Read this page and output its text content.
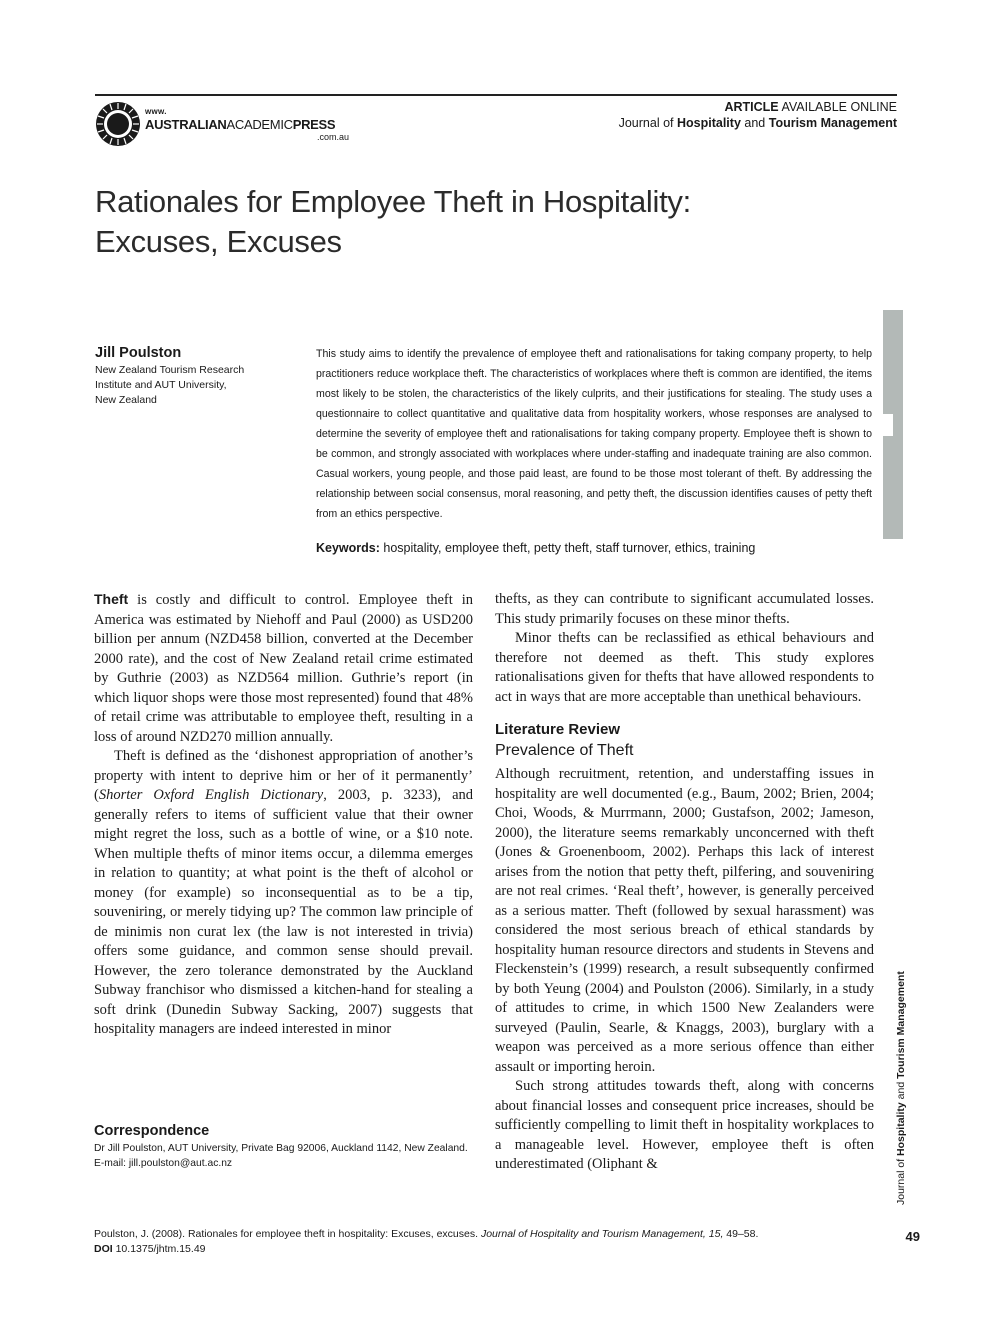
www.
AUSTRALIANACADEMICPRESS
.com.au
ARTICLE AVAILABLE ONLINE
Journal of Hospitality and Tourism Management
Rationales for Employee Theft in Hospitality:
Excuses, Excuses
Jill Poulston
New Zealand Tourism Research
Institute and AUT University,
New Zealand
This study aims to identify the prevalence of employee theft and rationalisations for taking company property, to help practitioners reduce workplace theft. The characteristics of workplaces where theft is common are identified, the items most likely to be stolen, the characteristics of the likely culprits, and their justifications for stealing. The study uses a questionnaire to collect quantitative and qualitative data from hospitality workers, whose responses are analysed to determine the severity of employee theft and rationalisations for taking company property. Employee theft is shown to be common, and strongly associated with workplaces where under-staffing and inadequate training are also common. Casual workers, young people, and those paid least, are found to be those most tolerant of theft. By addressing the relationship between social consensus, moral reasoning, and petty theft, the discussion identifies causes of petty theft from an ethics perspective.
Keywords: hospitality, employee theft, petty theft, staff turnover, ethics, training

Theft is costly and difficult to control. Employee theft in America was estimated by Niehoff and Paul (2000) as USD200 billion per annum (NZD458 billion, converted at the December 2000 rate), and the cost of New Zealand retail crime estimated by Guthrie (2003) as NZD564 million. Guthrie’s report (in which liquor shops were those most represented) found that 48% of retail crime was attributable to employee theft, resulting in a loss of around NZD270 million annually.

Theft is defined as the ‘dishonest appropriation of another’s property with intent to deprive him or her of it permanently’ (Shorter Oxford English Dictionary, 2003, p. 3233), and generally refers to items of sufficient value that their owner might regret the loss, such as a bottle of wine, or a $10 note. When multiple thefts of minor items occur, a dilemma emerges in relation to quantity; at what point is the theft of alcohol or money (for example) so inconsequential as to be a tip, souveniring, or merely tidying up? The common law principle of de minimis non curat lex (the law is not interested in trivia) offers some guidance, and common sense should prevail. However, the zero tolerance demonstrated by the Auckland Subway franchisor who dismissed a kitchen-hand for stealing a soft drink (Dunedin Subway Sacking, 2007) suggests that hospitality managers are indeed interested in minor

thefts, as they can contribute to significant accumulated losses. This study primarily focuses on these minor thefts.

Minor thefts can be reclassified as ethical behaviours and therefore not deemed as theft. This study explores rationalisations given for thefts that have allowed respondents to act in ways that are more acceptable than unethical behaviours.

Literature Review
Prevalence of Theft

Although recruitment, retention, and understaffing issues in hospitality are well documented (e.g., Baum, 2002; Brien, 2004; Choi, Woods, & Murrmann, 2000; Gustafson, 2002; Jameson, 2000), the literature seems remarkably unconcerned with theft (Jones & Groenenboom, 2002). Perhaps this lack of interest arises from the notion that petty theft, pilfering, and souveniring are not real crimes. ‘Real theft’, however, is generally perceived as a serious matter. Theft (followed by sexual harassment) was considered the most serious breach of ethical standards by hospitality human resource directors and students in Stevens and Fleckenstein’s (1999) research, a result subsequently confirmed by both Yeung (2004) and Poulston (2006). Similarly, in a study of attitudes to crime, in which 1500 New Zealanders were surveyed (Paulin, Searle, & Knaggs, 2003), burglary with a weapon was perceived as a more serious offence than either assault or importing heroin.

Such strong attitudes towards theft, along with concerns about financial losses and consequent price increases, should be sufficiently compelling to limit theft in hospitality workplaces to a manageable level. However, employee theft is often underestimated (Oliphant &

Correspondence
Dr Jill Poulston, AUT University, Private Bag 92006, Auckland 1142, New Zealand.
E-mail: jill.poulston@aut.ac.nz	Journal of Hospitality and Tourism Management
Poulston, J. (2008). Rationales for employee theft in hospitality: Excuses, excuses. Journal of Hospitality and Tourism Management, 15, 49–58.
DOI 10.1375/jhtm.15.49
49
